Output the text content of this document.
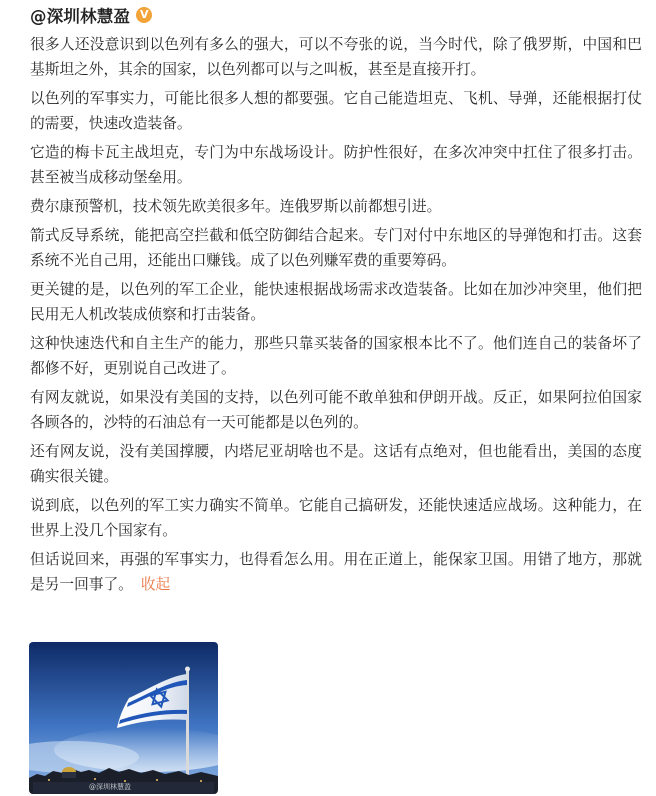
@深圳林慧盈 V

很多人还没意识到以色列有多么的强大，可以不夸张的说，当今时代，除了俄罗斯，中国和巴基斯坦之外，其余的国家，以色列都可以与之叫板，甚至是直接开打。

以色列的军事实力，可能比很多人想的都要强。它自己能造坦克、飞机、导弹，还能根据打仗的需要，快速改造装备。

它造的梅卡瓦主战坦克，专门为中东战场设计。防护性很好，在多次冲突中扛住了很多打击。甚至被当成移动堡垒用。

费尔康预警机，技术领先欧美很多年。连俄罗斯以前都想引进。

箭式反导系统，能把高空拦截和低空防御结合起来。专门对付中东地区的导弹饱和打击。这套系统不光自己用，还能出口赚钱。成了以色列赚军费的重要筹码。

更关键的是，以色列的军工企业，能快速根据战场需求改造装备。比如在加沙冲突里，他们把民用无人机改装成侦察和打击装备。

这种快速迭代和自主生产的能力，那些只靠买装备的国家根本比不了。他们连自己的装备坏了都修不好，更别说自己改进了。

有网友就说，如果没有美国的支持，以色列可能不敢单独和伊朗开战。反正，如果阿拉伯国家各顾各的，沙特的石油总有一天可能都是以色列的。

还有网友说，没有美国撑腰，内塔尼亚胡啥也不是。这话有点绝对，但也能看出，美国的态度确实很关键。

说到底，以色列的军工实力确实不简单。它能自己搞研发，还能快速适应战场。这种能力，在世界上没几个国家有。

但话说回来，再强的军事实力，也得看怎么用。用在正道上，能保家卫国。用错了地方，那就是另一回事了。 收起

@深圳林慧盈
